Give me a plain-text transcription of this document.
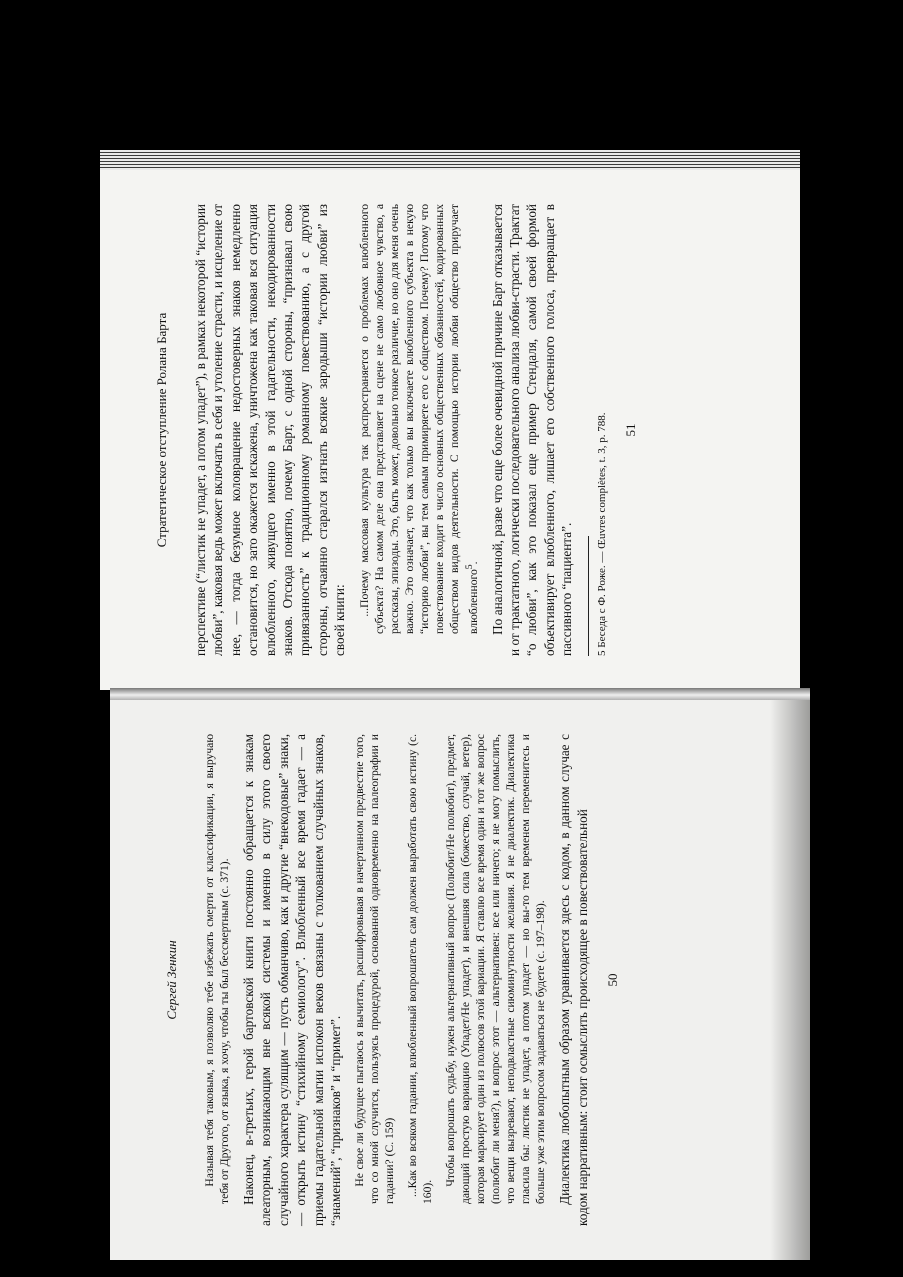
Стратегическое отступление Ролана Барта перспективе (“листик не упадет, а потом упадет”), в рамках некоторой “истории любви”, каковая ведь может включать в себя и утоление страсти, и исцеление от нее, — тогда безумное коловращение недостоверных знаков немедленно остановится, но зато окажется искажена, уничтожена как таковая вся ситуация влюбленного, живущего именно в этой гадательности, некодированности знаков. Отсюда понятно, почему Барт, с одной стороны, “признавал свою привязанность” к традиционному романному повествованию, а с другой стороны, отчаянно старался изгнать всякие зародыши “истории любви” из своей книги:

...Почему массовая культура так распространяется о проблемах влюбленного субъекта? На самом деле она представляет на сцене не само любовное чувство, а рассказы, эпизоды. Это, быть может, довольно тонкое различие, но оно для меня очень важно. Это означает, что как только вы включаете влюбленного субъекта в некую “историю любви”, вы тем самым примиряете его с обществом. Почему? Потому что повествование входит в число основных общественных обязанностей, кодированных обществом видов деятельности. С помощью истории любви общество приручает влюбленного$^5$. По аналогичной, разве что еще более очевидной причине Барт отказывается и от трактатного, логически последовательного анализа любви-страсти. Трактат “о любви”, как это показал еще пример Стендаля, самой своей формой объективирует влюбленного, лишает его собственного голоса, превращает в пассивного “пациента”. 5 Беседа с Ф. Роже. — Œuvres complètes, t. 3, p. 788. 51
Сергей Зенкин Называя тебя таковым, я позволяю тебе избежать смерти от классификации, я выручаю тебя от Другого, от языка, я хочу, чтобы ты был бессмертным (с. 371). Наконец, в-третьих, герой бартовской книги постоянно обращается к знакам алеаторным, возникающим вне всякой системы и именно в силу этого своего случайного характера сулящим — пусть обманчиво, как и другие “внекодовые” знаки, — открыть истину “стихийному семиологу”. Влюбленный все время гадает — а приемы гадательной магии испокон веков связаны с толкованием случайных знаков, “знамений”, “признаков” и “примет”. Не свое ли будущее пытаюсь я вычитать, расшифровывая в начертанном предвестие того, что со мной случится, пользуясь процедурой, основанной одновременно на палеографии и гадании? (С. 159) ...Как во всяком гадании, влюбленный вопрошатель сам должен выработать свою истину (с. 160).

Чтобы вопрошать судьбу, нужен альтернативный вопрос (Полюбит/Не полюбит), предмет, дающий простую вариацию (Упадет/Не упадет), и внешняя сила (божество, случай, ветер), которая маркирует один из полюсов этой вариации. Я ставлю все время один и тот же вопрос (полюбит ли меня?), и вопрос этот — альтернативен: все или ничего; я не могу помыслить, что вещи вызревают, неподвластные сиюминутности желания. Я не диалектик. Диалектика гласила бы: листик не упадет, а потом упадет — но вы-то тем временем переменитесь и больше уже этим вопросом задаваться не будете (с. 197–198). Диалектика любопытным образом уравнивается здесь с кодом, в данном случае с кодом нарративным: стоит осмыслить происходящее в повествовательной 50
